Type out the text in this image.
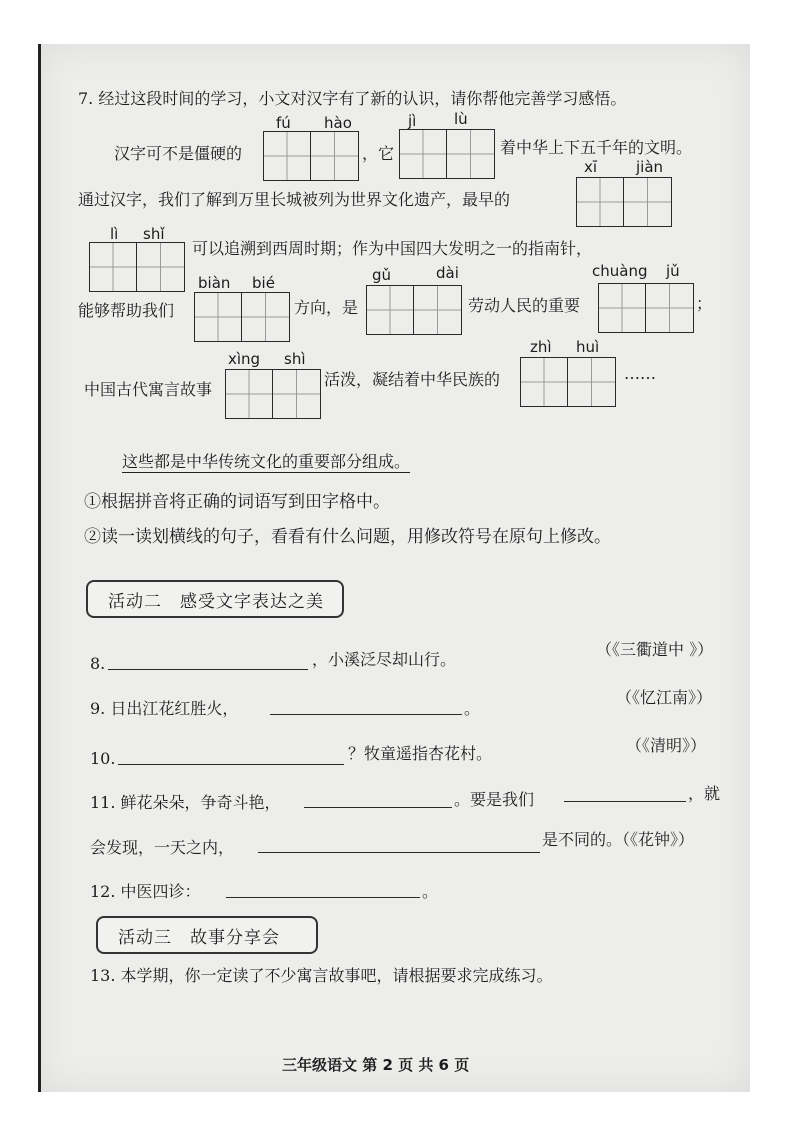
7. 经过这段时间的学习，小文对汉字有了新的认识，请你帮他完善学习感悟。
fú hào	jì	lù
汉字可不是僵硬的	，它	着中华上下五千年的文明。
xī	jiàn
通过汉字，我们了解到万里长城被列为世界文化遗产，最早的
lì shǐ
可以追溯到西周时期；作为中国四大发明之一的指南针，
biàn bié	gǔ	dài	chuàng jǔ
能够帮助我们	方向，是	劳动人民的重要	；
xìng shì
zhì huì
中国古代寓言故事
活泼，凝结着中华民族的	……
这些都是中华传统文化的重要部分组成。
①根据拼音将正确的词语写到田字格中。
②读一读划横线的句子，看看有什么问题，用修改符号在原句上修改。
活动二　感受文字表达之美
8.	，小溪泛尽却山行。
（《三衢道中 》）
9. 日出江花红胜火，	。
（《忆江南》）
10.	？牧童遥指杏花村。	（《清明》）
11. 鲜花朵朵，争奇斗艳，	。要是我们	，就
会发现，一天之内，	是不同的。（《花钟》）
12. 中医四诊：	。
活动三　故事分享会
13. 本学期，你一定读了不少寓言故事吧，请根据要求完成练习。
三年级语文 第 2 页 共 6 页
